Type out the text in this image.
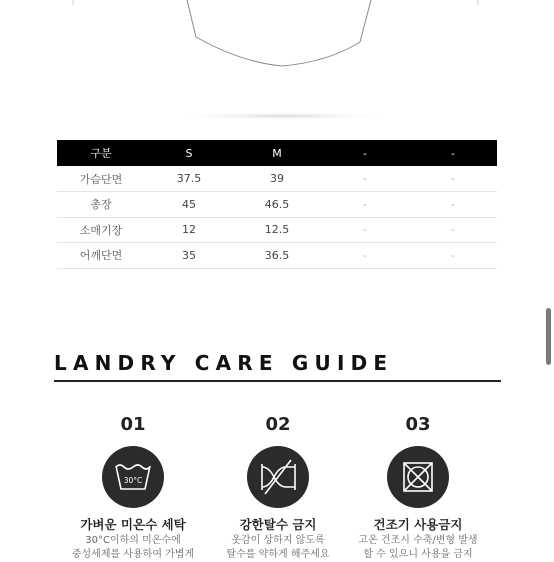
구분	S	M	-	-
가슴단면	37.5	39	-	-
총장	45	46.5	-	-
소매기장	12	12.5	-	-
어깨단면	35	36.5	-	-
LANDRY CARE GUIDE
01
30°C
가벼운 미온수 세탁
30°C이하의 미온수에
중성세제를 사용하여 가볍게
02
강한탈수 금지
옷감이 상하지 않도록
탈수를 약하게 해주세요
03
건조기 사용금지
고온 건조시 수축/변형 발생
할 수 있으니 사용을 금지
